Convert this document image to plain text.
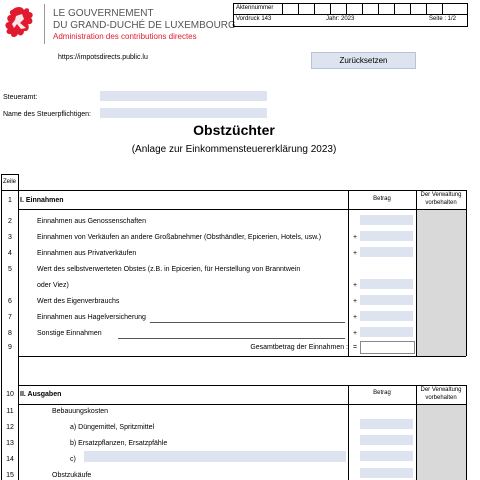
LE GOUVERNEMENT
DU GRAND-DUCHÉ DE LUXEMBOURG
Administration des contributions directes
https://impotsdirects.public.lu
Aktennummer
Vordruck 143	Jahr: 2023	Seite : 1/2
Zurücksetzen
Steueramt:
Name des Steuerpflichtigen:
Obstzüchter
(Anlage zur Einkommensteuererklärung 2023)
Zeile
1	I. Einnahmen	Betrag
Der Verwaltung
vorbehalten
2	Einnahmen aus Genossenschaften
3	Einnahmen von Verkäufen an andere Großabnehmer (Obsthändler, Epicerien, Hotels, usw.)	+
4	Einnahmen aus Privatverkäufen	+
5	Wert des selbstverwerteten Obstes (z.B. in Epicerien, für Herstellung von Branntwein
oder Viez)	+
6	Wert des Eigenverbrauchs	+
7	Einnahmen aus Hagelversicherung	+
8	Sonstige Einnahmen	+
9	Gesamtbetrag der Einnahmen : =
10 II. Ausgaben	Betrag	Der Verwaltung
vorbehalten
11	Bebauungskosten
12	a) Düngemittel, Spritzmittel
13	b) Ersatzpflanzen, Ersatzpfähle
14	c)
15	Obstzukäufe
